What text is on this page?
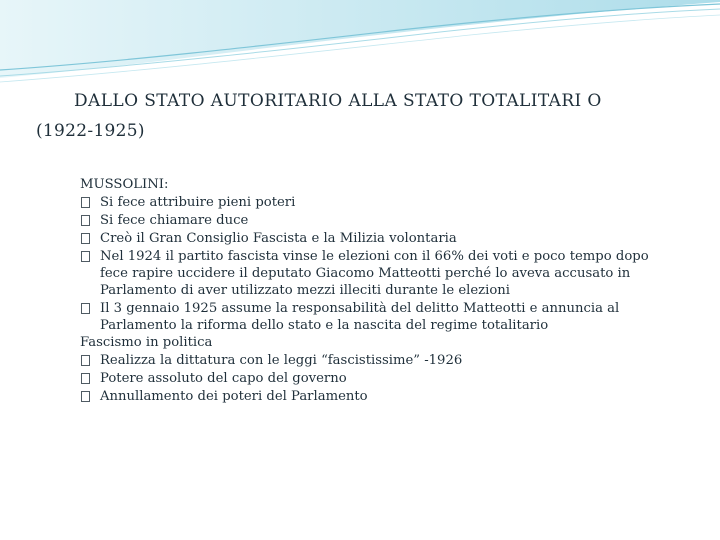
DALLO STATO AUTORITARIO ALLA STATO TOTALITARI O
(1922-1925)

MUSSOLINI:

Si fece attribuire pieni poteri
Si fece chiamare duce
Creò il Gran Consiglio Fascista e la Milizia volontaria
Nel 1924 il partito fascista vinse le elezioni con il 66% dei voti e poco tempo dopo fece rapire uccidere il deputato Giacomo Matteotti perché lo aveva accusato in Parlamento di aver utilizzato mezzi illeciti durante le elezioni
Il 3 gennaio 1925 assume la responsabilità del delitto Matteotti e annuncia al Parlamento la riforma dello stato e la nascita del regime totalitario

Fascismo in politica

Realizza la dittatura con le leggi “fascistissime” -1926
Potere assoluto del capo del governo
Annullamento dei poteri del Parlamento
